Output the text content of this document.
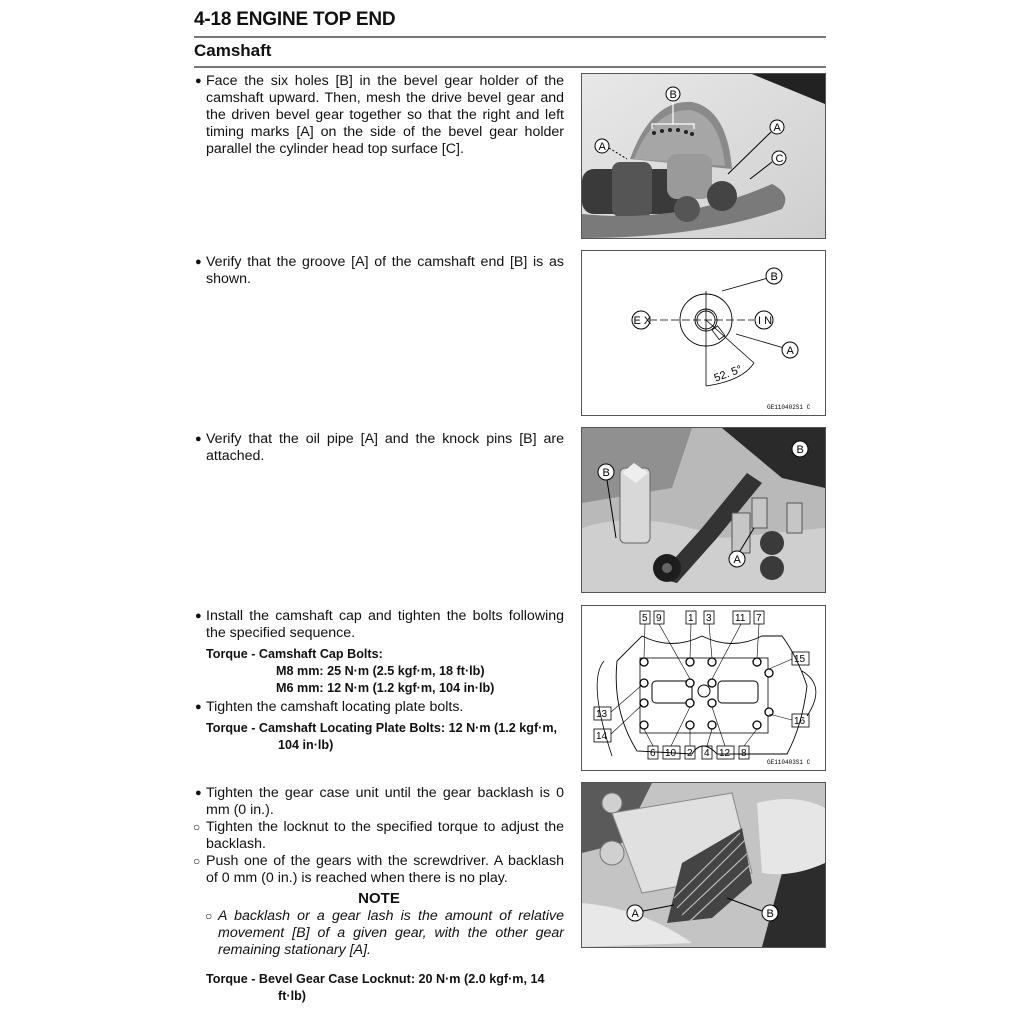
4-18 ENGINE TOP END
Camshaft
● Face the six holes [B] in the bevel gear holder of the camshaft upward. Then, mesh the drive bevel gear and the driven bevel gear together so that the right and left timing marks [A] on the side of the bevel gear holder parallel the cylinder head top surface [C].
● Verify that the groove [A] of the camshaft end [B] is as shown.
● Verify that the oil pipe [A] and the knock pins [B] are attached.
● Install the camshaft cap and tighten the bolts following the specified sequence.
Torque - Camshaft Cap Bolts:
M8 mm: 25 N·m (2.5 kgf·m, 18 ft·lb)
M6 mm: 12 N·m (1.2 kgf·m, 104 in·lb)
● Tighten the camshaft locating plate bolts.
Torque - Camshaft Locating Plate Bolts: 12 N·m (1.2 kgf·m,
104 in·lb)
● Tighten the gear case unit until the gear backlash is 0 mm (0 in.).
○ Tighten the locknut to the specified torque to adjust the backlash.
○ Push one of the gears with the screwdriver. A backlash of 0 mm (0 in.) is reached when there is no play.
NOTE
○ A backlash or a gear lash is the amount of relative movement [B] of a given gear, with the other gear remaining stationary [A].
Torque - Bevel Gear Case Locknut: 20 N·m (2.0 kgf·m, 14
ft·lb)
B
A
A
C
52. 5°
B
E X	I N
A
GE110402S1 C
B
B
A
5 9	1 3 11 7
15
16
13
14
6 10 2 4 12 8
GE110403S1 C
A	B
